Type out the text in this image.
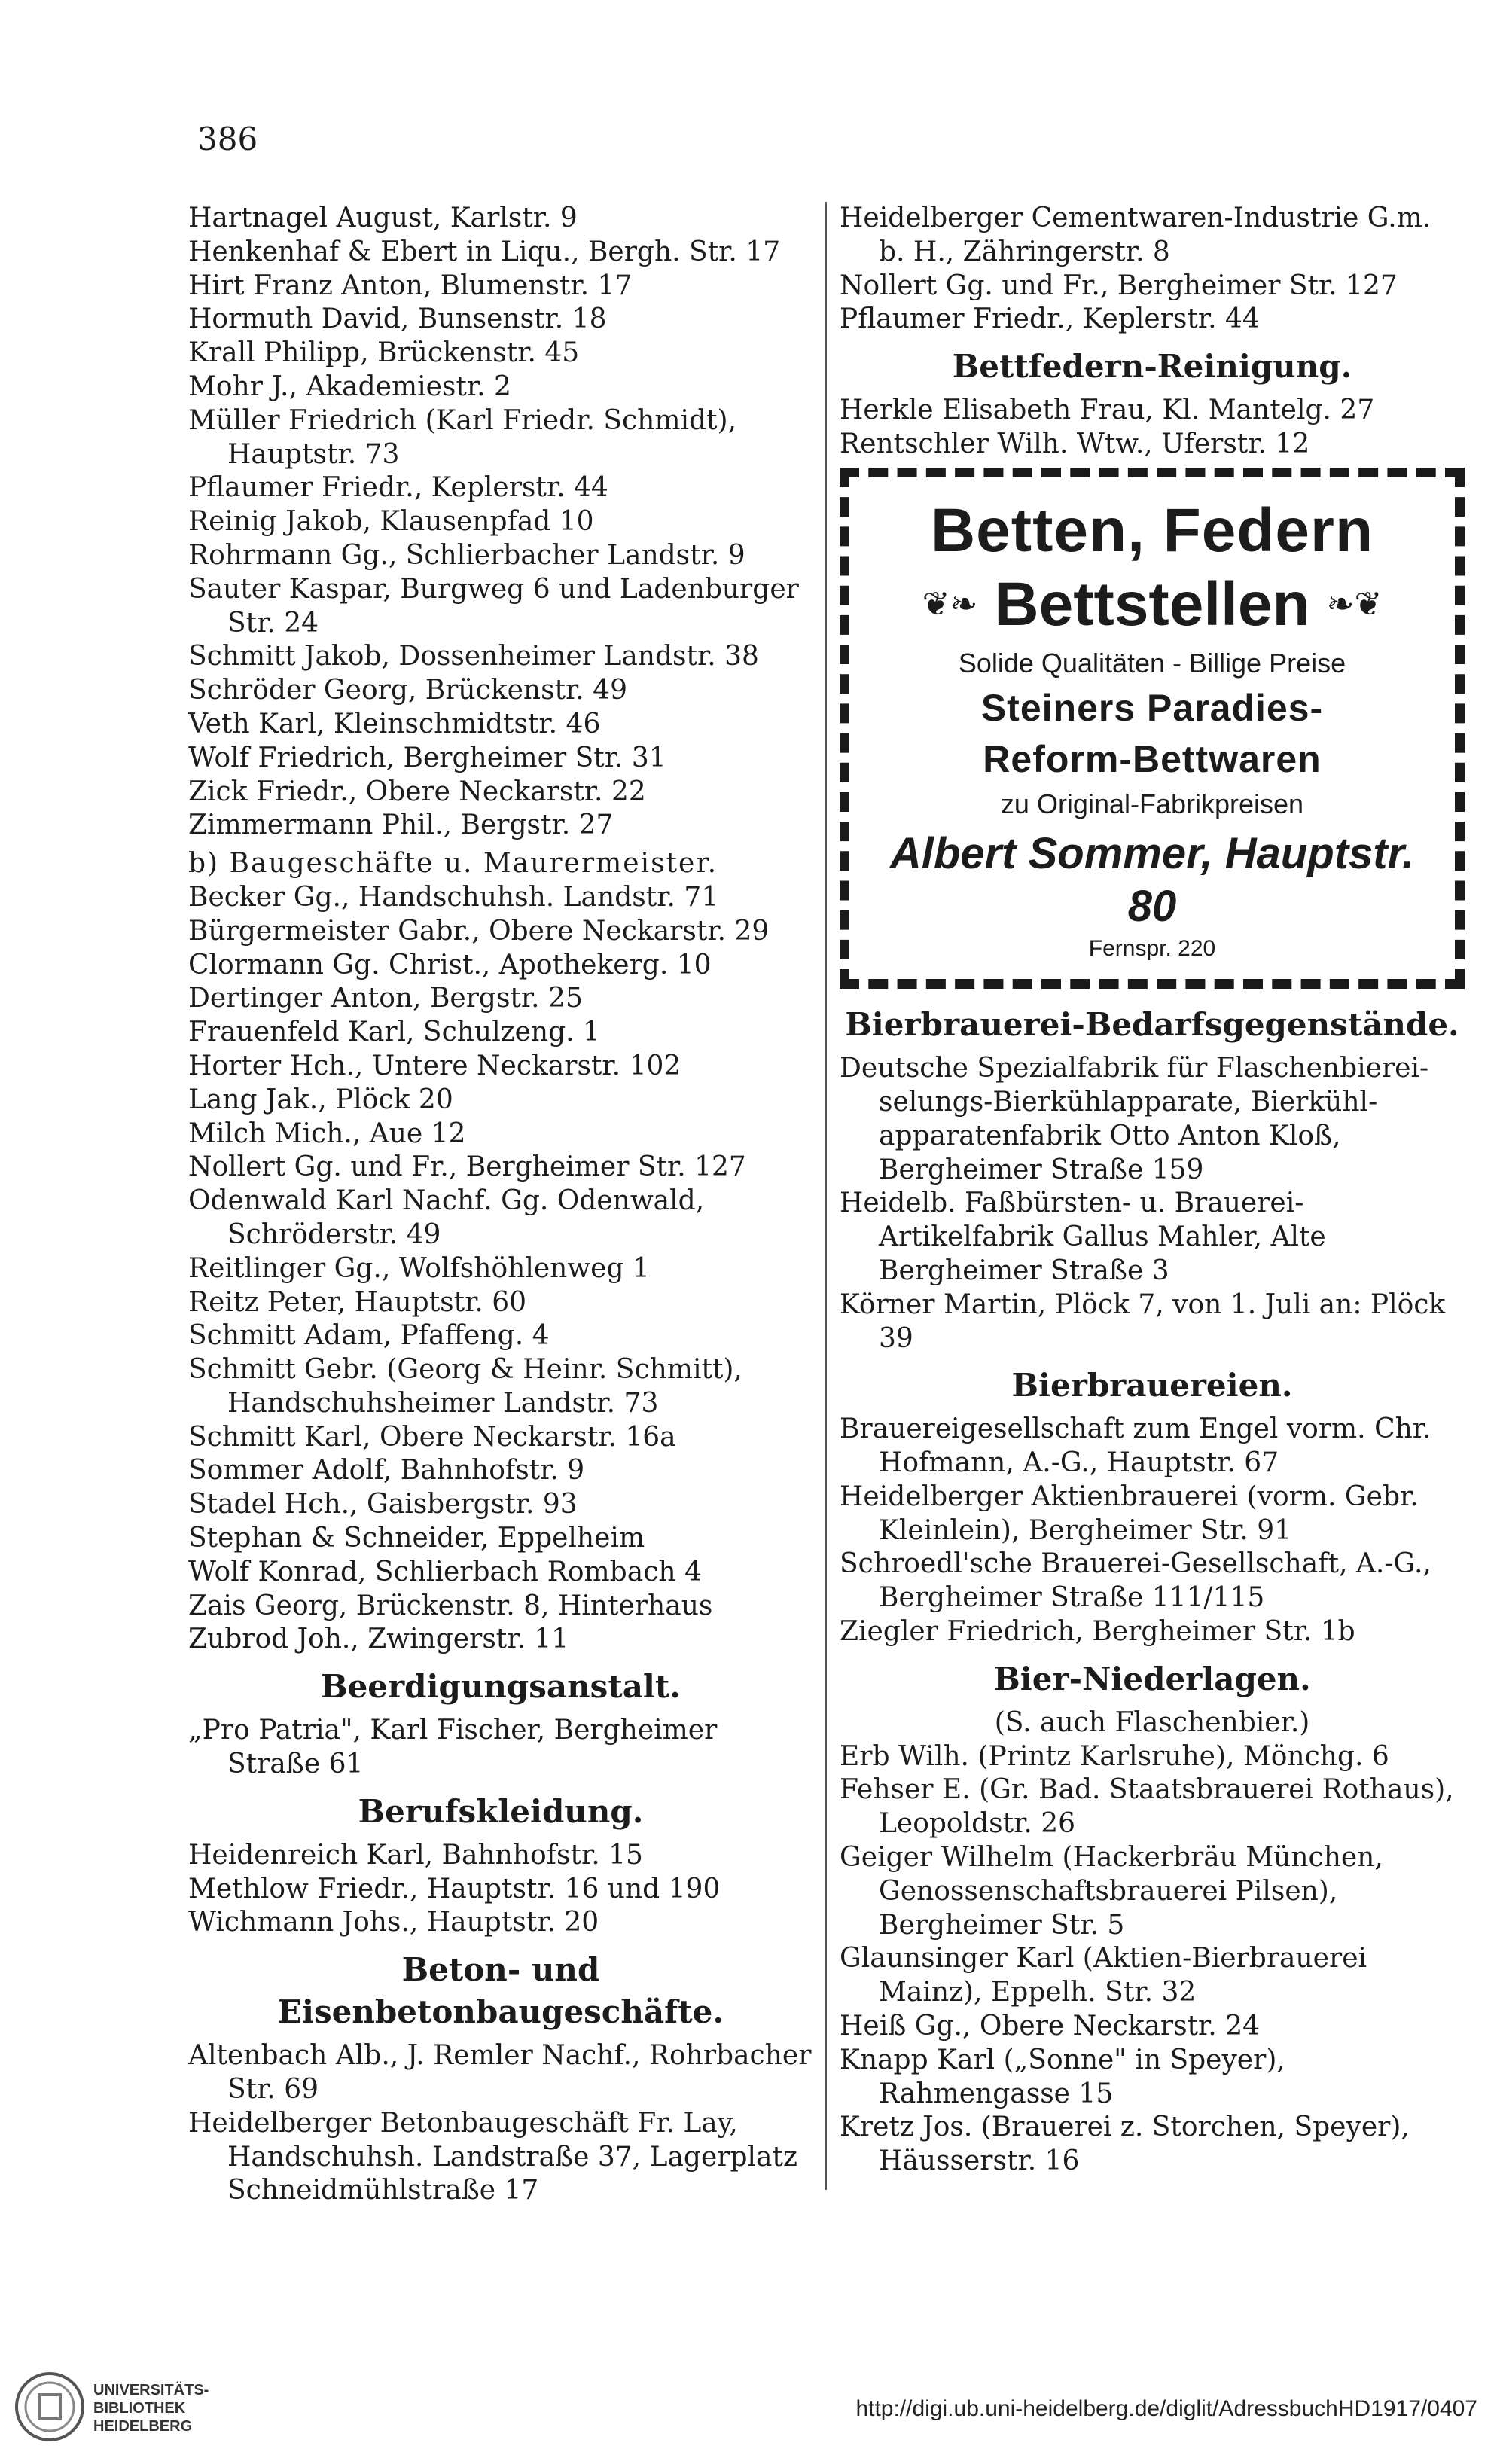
386
Hartnagel August, Karlstr. 9
Henkenhaf & Ebert in Liqu., Bergh. Str. 17
Hirt Franz Anton, Blumenstr. 17
Hormuth David, Bunsenstr. 18
Krall Philipp, Brückenstr. 45
Mohr J., Akademiestr. 2
Müller Friedrich (Karl Friedr. Schmidt), Hauptstr. 73
Pflaumer Friedr., Keplerstr. 44
Reinig Jakob, Klausenpfad 10
Rohrmann Gg., Schlierbacher Landstr. 9
Sauter Kaspar, Burgweg 6 und Ladenburger Str. 24
Schmitt Jakob, Dossenheimer Landstr. 38
Schröder Georg, Brückenstr. 49
Veth Karl, Kleinschmidtstr. 46
Wolf Friedrich, Bergheimer Str. 31
Zick Friedr., Obere Neckarstr. 22
Zimmermann Phil., Bergstr. 27
b) Baugeschäfte u. Maurermeister.
Becker Gg., Handschuhsh. Landstr. 71
Bürgermeister Gabr., Obere Neckarstr. 29
Clormann Gg. Christ., Apothekerg. 10
Dertinger Anton, Bergstr. 25
Frauenfeld Karl, Schulzeng. 1
Horter Hch., Untere Neckarstr. 102
Lang Jak., Plöck 20
Milch Mich., Aue 12
Nollert Gg. und Fr., Bergheimer Str. 127
Odenwald Karl Nachf. Gg. Odenwald, Schröderstr. 49
Reitlinger Gg., Wolfshöhlenweg 1
Reitz Peter, Hauptstr. 60
Schmitt Adam, Pfaffeng. 4
Schmitt Gebr. (Georg & Heinr. Schmitt), Handschuhsheimer Landstr. 73
Schmitt Karl, Obere Neckarstr. 16a
Sommer Adolf, Bahnhofstr. 9
Stadel Hch., Gaisbergstr. 93
Stephan & Schneider, Eppelheim
Wolf Konrad, Schlierbach Rombach 4
Zais Georg, Brückenstr. 8, Hinterhaus
Zubrod Joh., Zwingerstr. 11
Beerdigungsanstalt.
„Pro Patria", Karl Fischer, Bergheimer Straße 61
Berufskleidung.
Heidenreich Karl, Bahnhofstr. 15
Methlow Friedr., Hauptstr. 16 und 190
Wichmann Johs., Hauptstr. 20
Beton- und Eisenbetonbaugeschäfte.
Altenbach Alb., J. Remler Nachf., Rohrbacher Str. 69
Heidelberger Betonbaugeschäft Fr. Lay, Handschuhsh. Landstraße 37, Lagerplatz Schneidmühlstraße 17
Heidelberger Cementwaren-Industrie G.m. b. H., Zähringerstr. 8
Nollert Gg. und Fr., Bergheimer Str. 127
Pflaumer Friedr., Keplerstr. 44
Bettfedern-Reinigung.
Herkle Elisabeth Frau, Kl. Mantelg. 27
Rentschler Wilh. Wtw., Uferstr. 12
Betten, Federn
❦❧ Bettstellen ❧❦
Solide Qualitäten - Billige Preise
Steiners Paradies-
Reform-Bettwaren
zu Original-Fabrikpreisen
Albert Sommer, Hauptstr. 80
Fernspr. 220
Bierbrauerei-Bedarfsgegenstände.
Deutsche Spezialfabrik für Flaschenbiereiselungs-Bierkühlapparate, Bierkühlapparatenfabrik Otto Anton Kloß, Bergheimer Straße 159
Heidelb. Faßbürsten- u. Brauerei-Artikelfabrik Gallus Mahler, Alte Bergheimer Straße 3
Körner Martin, Plöck 7, von 1. Juli an: Plöck 39
Bierbrauereien.
Brauereigesellschaft zum Engel vorm. Chr. Hofmann, A.-G., Hauptstr. 67
Heidelberger Aktienbrauerei (vorm. Gebr. Kleinlein), Bergheimer Str. 91
Schroedl'sche Brauerei-Gesellschaft, A.-G., Bergheimer Straße 111/115
Ziegler Friedrich, Bergheimer Str. 1b
Bier-Niederlagen.
(S. auch Flaschenbier.)
Erb Wilh. (Printz Karlsruhe), Mönchg. 6
Fehser E. (Gr. Bad. Staatsbrauerei Rothaus), Leopoldstr. 26
Geiger Wilhelm (Hackerbräu München, Genossenschaftsbrauerei Pilsen), Bergheimer Str. 5
Glaunsinger Karl (Aktien-Bierbrauerei Mainz), Eppelh. Str. 32
Heiß Gg., Obere Neckarstr. 24
Knapp Karl („Sonne" in Speyer), Rahmengasse 15
Kretz Jos. (Brauerei z. Storchen, Speyer), Häusserstr. 16
UNIVERSITÄTS-
BIBLIOTHEK
HEIDELBERG
http://digi.ub.uni-heidelberg.de/diglit/AdressbuchHD1917/0407
